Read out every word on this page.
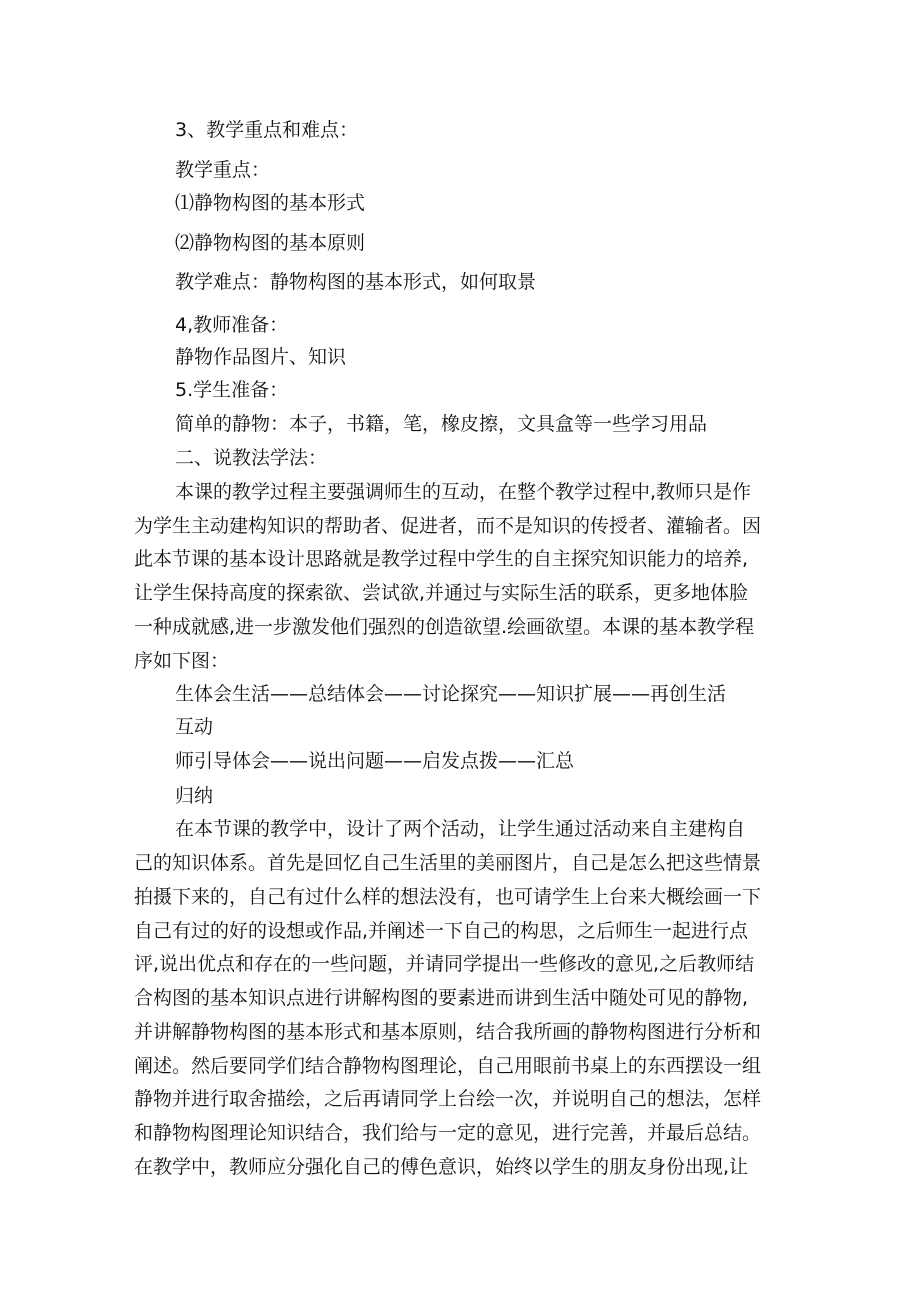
3、教学重点和难点：
教学重点：
⑴静物构图的基本形式
⑵静物构图的基本原则
教学难点：静物构图的基本形式，如何取景
4,教师准备：
静物作品图片、知识
5.学生准备：
简单的静物：本子，书籍，笔，橡皮擦，文具盒等一些学习用品
二、说教法学法：
本课的教学过程主要强调师生的互动，在整个教学过程中,教师只是作
为学生主动建构知识的帮助者、促进者，而不是知识的传授者、灌输者。因
此本节课的基本设计思路就是教学过程中学生的自主探究知识能力的培养,
让学生保持高度的探索欲、尝试欲,并通过与实际生活的联系，更多地体脸
一种成就感,进一步激发他们强烈的创造欲望.绘画欲望。本课的基本教学程
序如下图：
生体会生活——总结体会——讨论探究——知识扩展——再创生活
互动
师引导体会——说出问题——启发点拨——汇总
归纳
在本节课的教学中，设计了两个活动，让学生通过活动来自主建构自
己的知识体系。首先是回忆自己生活里的美丽图片，自己是怎么把这些情景
拍摄下来的，自己有过什么样的想法没有，也可请学生上台来大概绘画一下
自己有过的好的设想或作品,并阐述一下自己的构思，之后师生一起进行点
评,说出优点和存在的一些问题，并请同学提出一些修改的意见,之后教师结
合构图的基本知识点进行讲解构图的要素进而讲到生活中随处可见的静物,
并讲解静物构图的基本形式和基本原则，结合我所画的静物构图进行分析和
阐述。然后要同学们结合静物构图理论，自己用眼前书桌上的东西摆设一组
静物并进行取舍描绘，之后再请同学上台绘一次，并说明自己的想法，怎样
和静物构图理论知识结合，我们给与一定的意见，进行完善，并最后总结。
在教学中，教师应分强化自己的傅色意识，始终以学生的朋友身份出现,让
